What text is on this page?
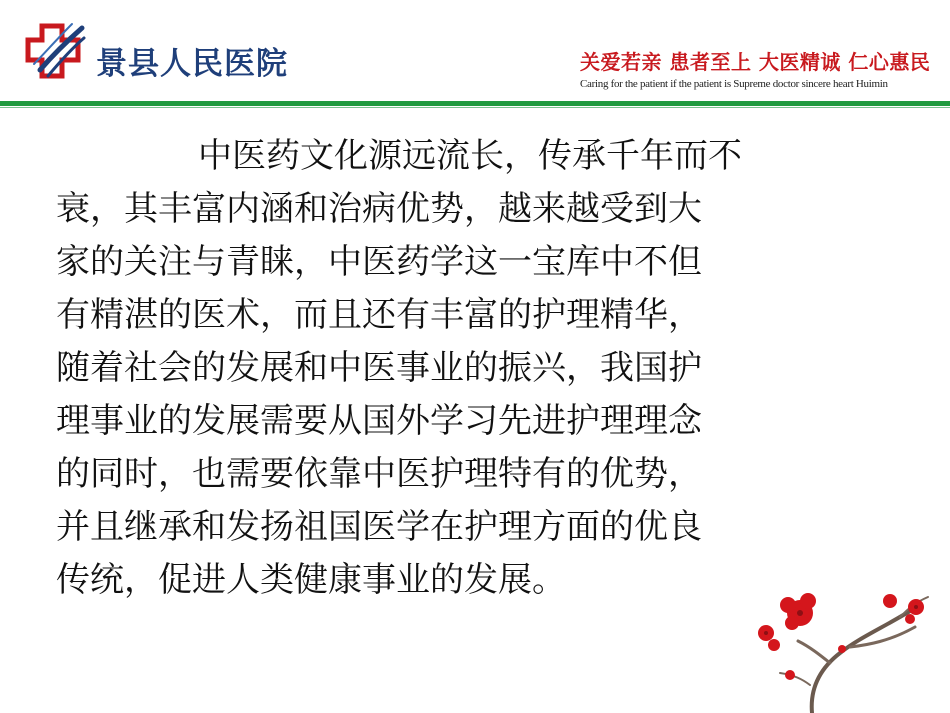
景县人民医院	关爱若亲 患者至上 大医精诚 仁心惠民
Caring for the patient if the patient is Supreme doctor sincere heart Huimin
中医药文化源远流长，传承千年而不
衰，其丰富内涵和治病优势，越来越受到大
家的关注与青睐，中医药学这一宝库中不但
有精湛的医术，而且还有丰富的护理精华，
随着社会的发展和中医事业的振兴，我国护
理事业的发展需要从国外学习先进护理理念
的同时，也需要依靠中医护理特有的优势，
并且继承和发扬祖国医学在护理方面的优良
传统，促进人类健康事业的发展。
